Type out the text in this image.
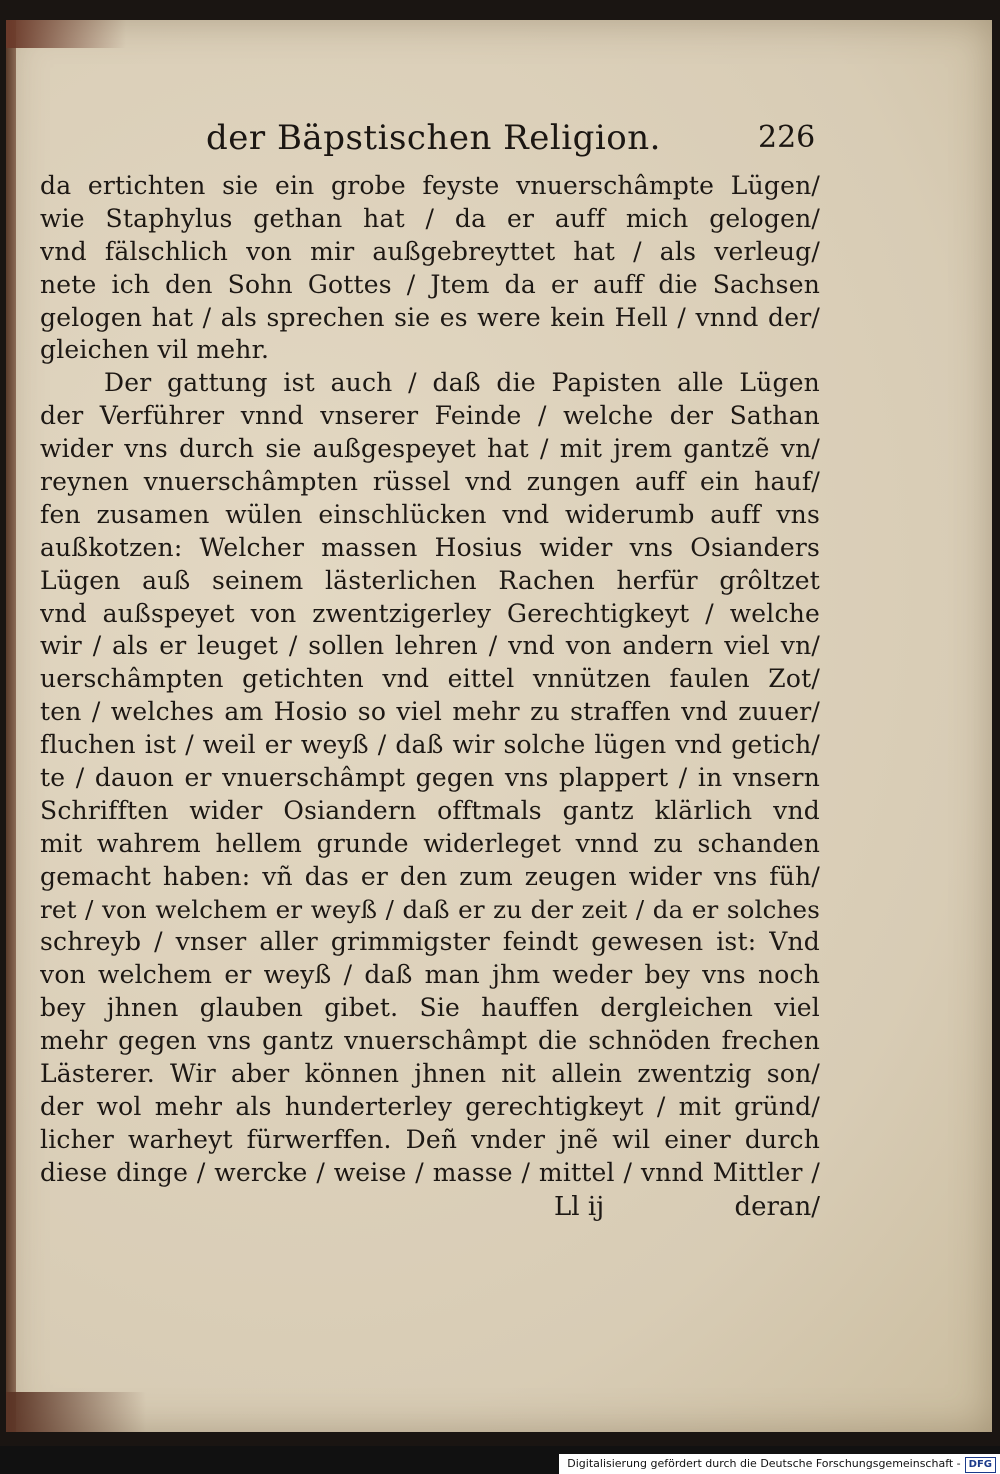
der Bäpstischen Religion.	226
da ertichten sie ein grobe feyste vnuerschâmpte Lügen/
wie Staphylus gethan hat / da er auff mich gelogen/
vnd fälschlich von mir außgebreyttet hat / als verleug/
nete ich den Sohn Gottes / Jtem da er auff die Sachsen
gelogen hat / als sprechen sie es were kein Hell / vnnd der/
gleichen vil mehr.
Der gattung ist auch / daß die Papisten alle Lügen
der Verführer vnnd vnserer Feinde / welche der Sathan
wider vns durch sie außgespeyet hat / mit jrem gantzẽ vn/
reynen vnuerschâmpten rüssel vnd zungen auff ein hauf/
fen zusamen wülen einschlücken vnd widerumb auff vns
außkotzen: Welcher massen Hosius wider vns Osianders
Lügen auß seinem lästerlichen Rachen herfür grôltzet
vnd außspeyet von zwentzigerley Gerechtigkeyt / welche
wir / als er leuget / sollen lehren / vnd von andern viel vn/
uerschâmpten getichten vnd eittel vnnützen faulen Zot/
ten / welches am Hosio so viel mehr zu straffen vnd zuuer/
fluchen ist / weil er weyß / daß wir solche lügen vnd getich/
te / dauon er vnuerschâmpt gegen vns plappert / in vnsern
Schrifften wider Osiandern offtmals gantz klärlich vnd
mit wahrem hellem grunde widerleget vnnd zu schanden
gemacht haben: vñ das er den zum zeugen wider vns füh/
ret / von welchem er weyß / daß er zu der zeit / da er solches
schreyb / vnser aller grimmigster feindt gewesen ist: Vnd
von welchem er weyß / daß man jhm weder bey vns noch
bey jhnen glauben gibet. Sie hauffen dergleichen viel
mehr gegen vns gantz vnuerschâmpt die schnöden frechen
Lästerer. Wir aber können jhnen nit allein zwentzig son/
der wol mehr als hunderterley gerechtigkeyt / mit gründ/
licher warheyt fürwerffen. Deñ vnder jnẽ wil einer durch
diese dinge / wercke / weise / masse / mittel / vnnd Mittler /
Ll ij	deran/
Digitalisierung gefördert durch die Deutsche Forschungsgemeinschaft - DFG
